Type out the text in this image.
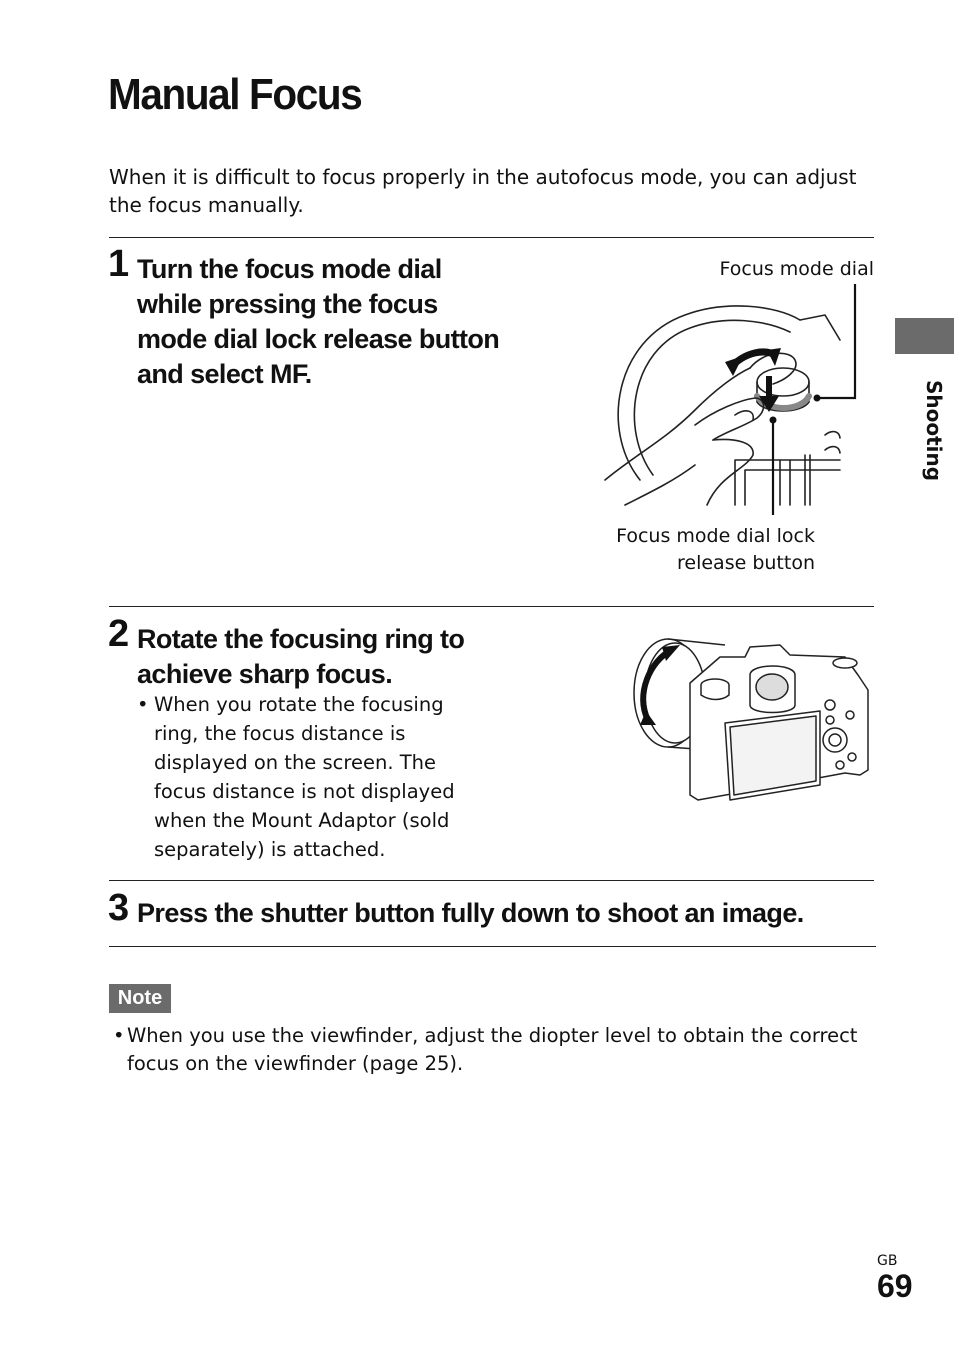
Manual Focus
When it is difficult to focus properly in the autofocus mode, you can adjust the focus manually.
Shooting
1 Turn the focus mode dial while pressing the focus mode dial lock release button and select MF.
Focus mode dial
Focus mode dial lock
release button
2 Rotate the focusing ring to achieve sharp focus.
• When you rotate the focusing ring, the focus distance is displayed on the screen. The focus distance is not displayed when the Mount Adaptor (sold separately) is attached.
3 Press the shutter button fully down to shoot an image.
Note
• When you use the viewfinder, adjust the diopter level to obtain the correct focus on the viewfinder (page 25).
GB
69
